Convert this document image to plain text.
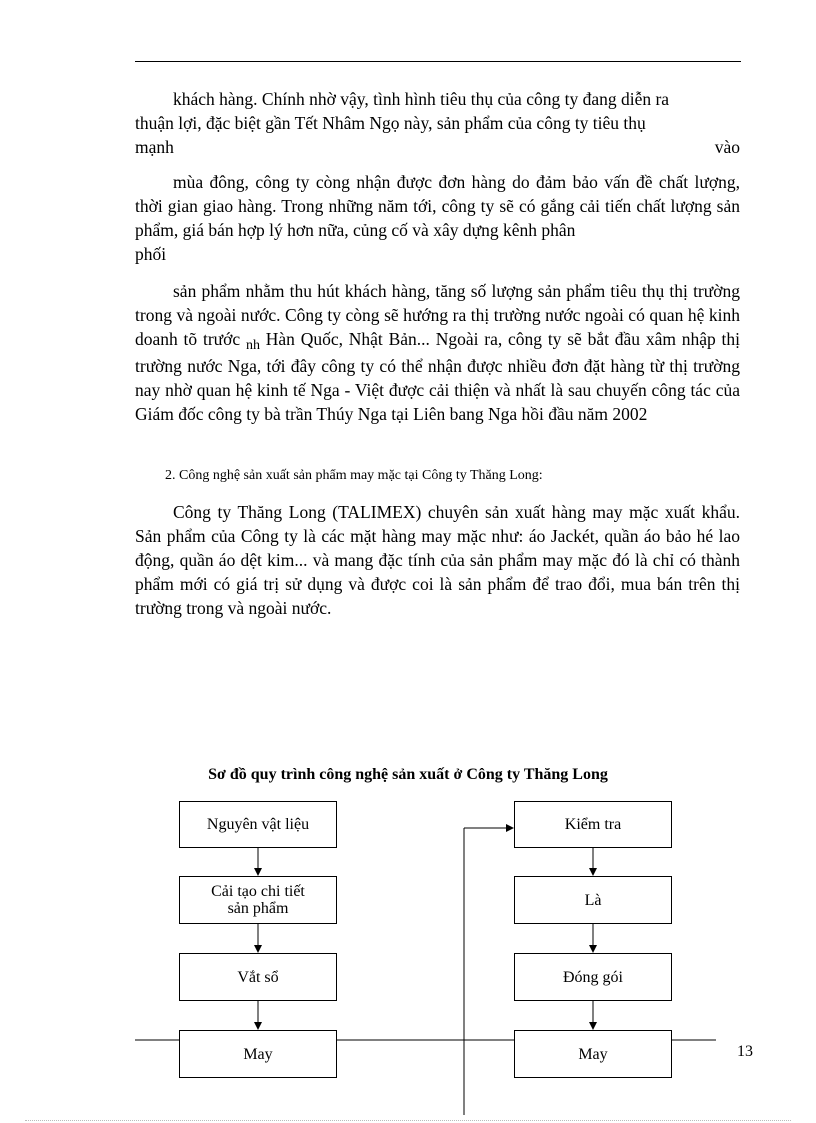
khách hàng. Chính nhờ vậy, tình hình tiêu thụ của công ty đang diễn ra
thuận lợi, đặc biệt gần Tết Nhâm Ngọ này, sản phẩm của công ty tiêu thụ

mạnh	vào

mùa đông, công ty còng nhận được đơn hàng do đảm bảo vấn đề chất lượng, thời gian giao hàng. Trong những năm tới, công ty sẽ có gắng cải tiến chất lượng sản phẩm, giá bán hợp lý hơn nữa, củng cố và xây dựng kênh phân
phối

sản phẩm nhằm thu hút khách hàng, tăng số lượng sản phẩm tiêu thụ thị trường trong và ngoài nước. Công ty còng sẽ hướng ra thị trường nước ngoài có quan hệ kinh doanh tõ trước $_{nh}$ Hàn Quốc, Nhật Bản... Ngoài ra, công ty sẽ bắt đầu xâm nhập thị trường nước Nga, tới đây công ty có thể nhận được nhiều đơn đặt hàng từ thị trường nay nhờ quan hệ kinh tế Nga - Việt được cải thiện và nhất là sau chuyến công tác của Giám đốc công ty bà trần Thúy Nga tại Liên bang Nga hồi đầu năm 2002

2. Công nghệ sản xuất sản phẩm may mặc tại Công ty Thăng Long:

Công ty Thăng Long (TALIMEX) chuyên sản xuất hàng may mặc xuất khẩu. Sản phẩm của Công ty là các mặt hàng may mặc như: áo Jackét, quần áo bảo hé lao động, quần áo dệt kim... và mang đặc tính của sản phẩm may mặc đó là chỉ có thành phẩm mới có giá trị sử dụng và được coi là sản phẩm để trao đổi, mua bán trên thị trường trong và ngoài nước.

Sơ đồ quy trình công nghệ sản xuất ở Công ty Thăng Long

Nguyên vật liệu
Cải tạo chi tiết sản phẩm
Vắt sổ
May
Kiểm tra
Là
Đóng gói
May	13
